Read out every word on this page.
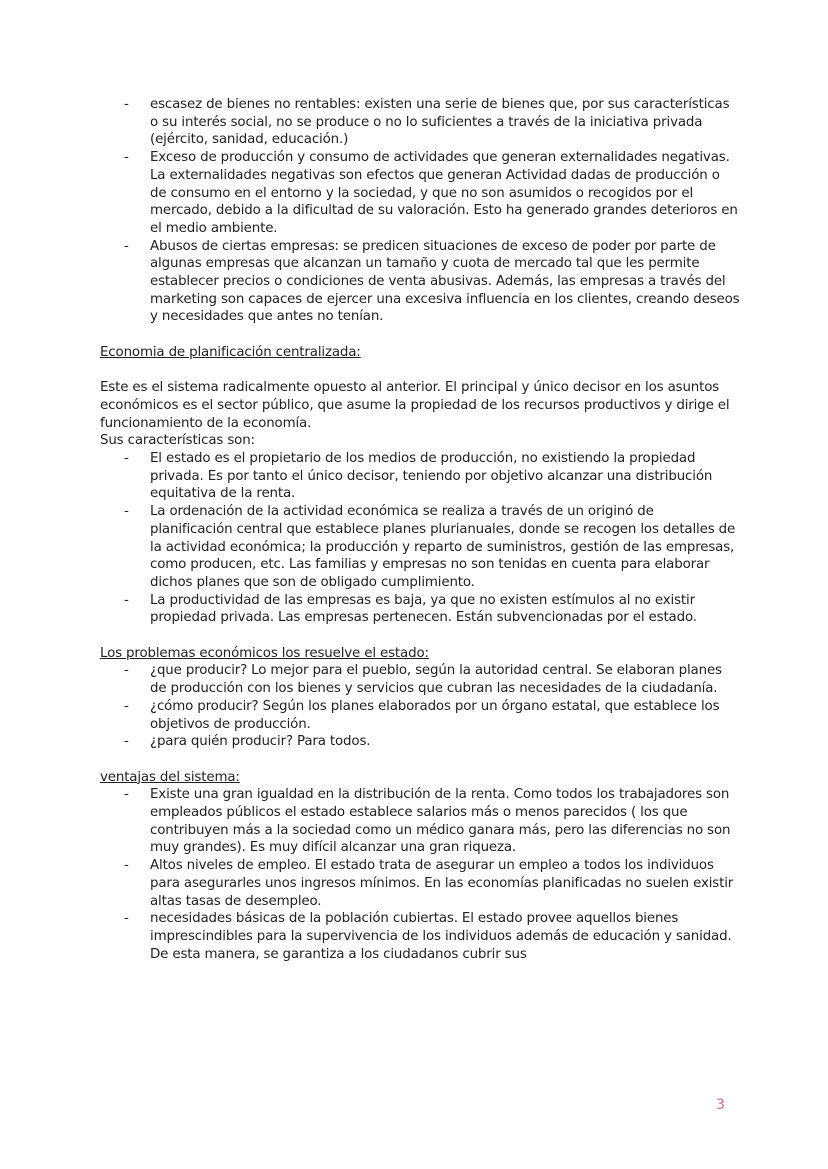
- escasez de bienes no rentables: existen una serie de bienes que, por sus características o su interés social, no se produce o no lo suficientes a través de la iniciativa privada (ejército, sanidad, educación.)
- Exceso de producción y consumo de actividades que generan externalidades negativas. La externalidades negativas son efectos que generan Actividad dadas de producción o de consumo en el entorno y la sociedad, y que no son asumidos o recogidos por el mercado, debido a la dificultad de su valoración. Esto ha generado grandes deterioros en el medio ambiente.
- Abusos de ciertas empresas: se predicen situaciones de exceso de poder por parte de algunas empresas que alcanzan un tamaño y cuota de mercado tal que les permite establecer precios o condiciones de venta abusivas. Además, las empresas a través del marketing son capaces de ejercer una excesiva influencia en los clientes, creando deseos y necesidades que antes no tenían.

Economia de planificación centralizada:

Este es el sistema radicalmente opuesto al anterior. El principal y único decisor en los asuntos económicos es el sector público, que asume la propiedad de los recursos productivos y dirige el funcionamiento de la economía.

Sus características son:

- El estado es el propietario de los medios de producción, no existiendo la propiedad privada. Es por tanto el único decisor, teniendo por objetivo alcanzar una distribución equitativa de la renta.
- La ordenación de la actividad económica se realiza a través de un originó de planificación central que establece planes plurianuales, donde se recogen los detalles de la actividad económica; la producción y reparto de suministros, gestión de las empresas, como producen, etc. Las familias y empresas no son tenidas en cuenta para elaborar dichos planes que son de obligado cumplimiento.
- La productividad de las empresas es baja, ya que no existen estímulos al no existir propiedad privada. Las empresas pertenecen. Están subvencionadas por el estado.

Los problemas económicos los resuelve el estado:

- ¿que producir? Lo mejor para el pueblo, según la autoridad central. Se elaboran planes de producción con los bienes y servicios que cubran las necesidades de la ciudadanía.
- ¿cómo producir? Según los planes elaborados por un órgano estatal, que establece los objetivos de producción.
- ¿para quién producir? Para todos.

ventajas del sistema:

- Existe una gran igualdad en la distribución de la renta. Como todos los trabajadores son empleados públicos el estado establece salarios más o menos parecidos ( los que contribuyen más a la sociedad como un médico ganara más, pero las diferencias no son muy grandes). Es muy difícil alcanzar una gran riqueza.
- Altos niveles de empleo. El estado trata de asegurar un empleo a todos los individuos para asegurarles unos ingresos mínimos. En las economías planificadas no suelen existir altas tasas de desempleo.
- necesidades básicas de la población cubiertas. El estado provee aquellos bienes imprescindibles para la supervivencia de los individuos además de educación y sanidad. De esta manera, se garantiza a los ciudadanos cubrir sus
3
